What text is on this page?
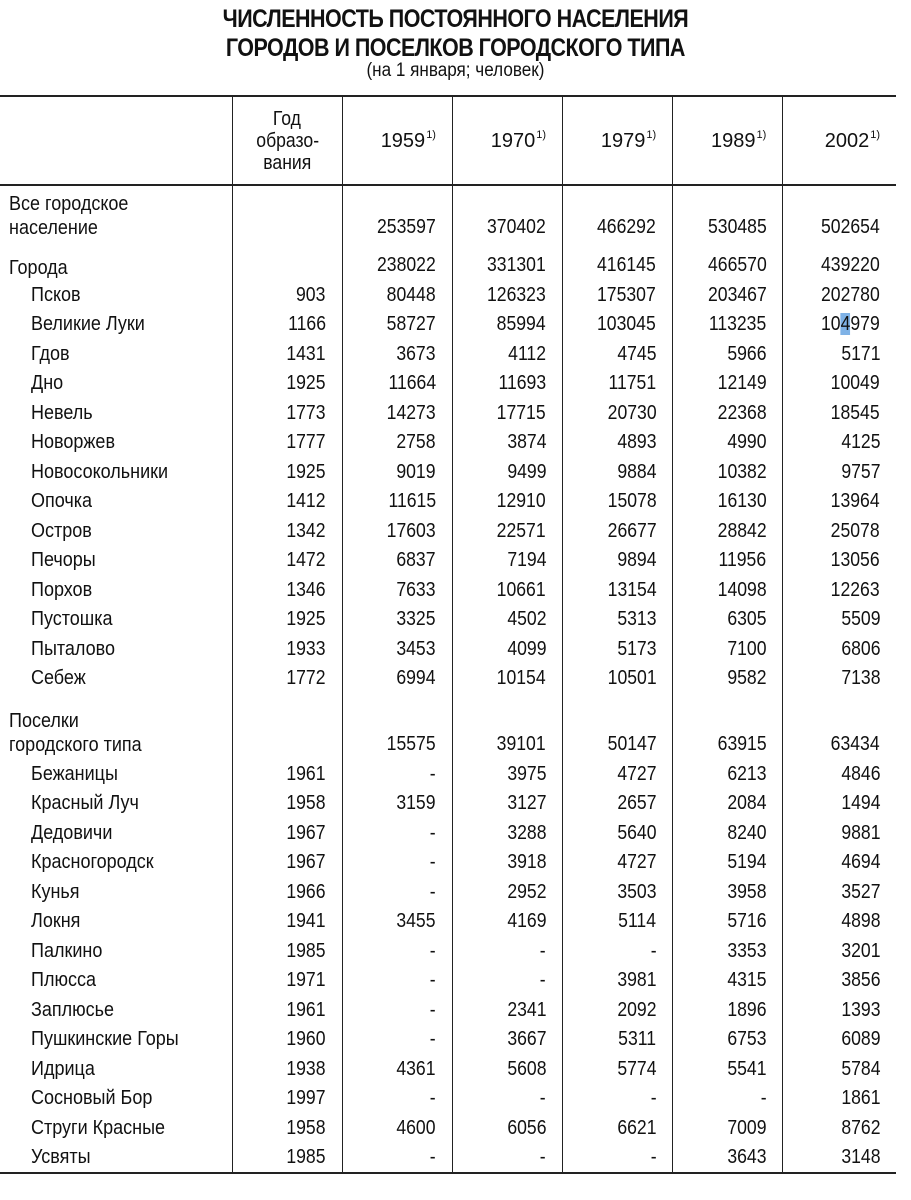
ЧИСЛЕННОСТЬ ПОСТОЯННОГО НАСЕЛЕНИЯ
ГОРОДОВ И ПОСЕЛКОВ ГОРОДСКОГО ТИПА
(на 1 января; человек)
	Год
образо-
вания	1959$^{1)}$	1970$^{1)}$	1979$^{1)}$	1989$^{1)}$	2002$^{1)}$
Все городское
население		253597	370402	466292	530485	502654
Города		238022	331301	416145	466570	439220
Псков	903	80448	126323	175307	203467	202780
Великие Луки	1166	58727	85994	103045	113235	104979
Гдов	1431	3673	4112	4745	5966	5171
Дно	1925	11664	11693	11751	12149	10049
Невель	1773	14273	17715	20730	22368	18545
Новоржев	1777	2758	3874	4893	4990	4125
Новосокольники	1925	9019	9499	9884	10382	9757
Опочка	1412	11615	12910	15078	16130	13964
Остров	1342	17603	22571	26677	28842	25078
Печоры	1472	6837	7194	9894	11956	13056
Порхов	1346	7633	10661	13154	14098	12263
Пустошка	1925	3325	4502	5313	6305	5509
Пыталово	1933	3453	4099	5173	7100	6806
Себеж	1772	6994	10154	10501	9582	7138
Поселки
городского типа		15575	39101	50147	63915	63434
Бежаницы	1961	-	3975	4727	6213	4846
Красный Луч	1958	3159	3127	2657	2084	1494
Дедовичи	1967	-	3288	5640	8240	9881
Красногородск	1967	-	3918	4727	5194	4694
Кунья	1966	-	2952	3503	3958	3527
Локня	1941	3455	4169	5114	5716	4898
Палкино	1985	-	-	-	3353	3201
Плюсса	1971	-	-	3981	4315	3856
Заплюсье	1961	-	2341	2092	1896	1393
Пушкинские Горы	1960	-	3667	5311	6753	6089
Идрица	1938	4361	5608	5774	5541	5784
Сосновый Бор	1997	-	-	-	-	1861
Струги Красные	1958	4600	6056	6621	7009	8762
Усвяты	1985	-	-	-	3643	3148
